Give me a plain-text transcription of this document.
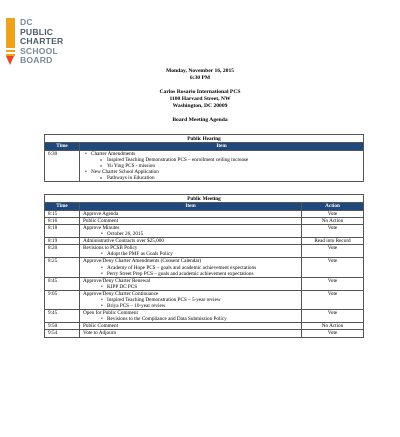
DC
PUBLIC
CHARTER
SCHOOL
BOARD
Monday, November 16, 2015
6:30 PM
Carlos Rosario International PCS
1100 Harvard Street, NW
Washington, DC 20009
Board Meeting Agenda
Public Hearing	
Time	Item
6:30	• Charter Amendments
o Inspired Teaching Demonstration PCS – enrollment ceiling increase
o Yu Ying PCS - mission
• New Charter School Application
o Pathways in Education
Public Meeting		
Time	Item	Action
8:15	Approve Agenda	Vote
8:16	Public Comment	No Action
8:18	Approve Minutes
• October 26, 2015	Vote
8:19	Administrative Contracts over $25,000	Read into Record
8:20	Revisions to PCSB Policy
• Adopt the PMF as Goals Policy	Vote
8:25	Approve/Deny Charter Amendments (Consent Calendar)
• Academy of Hope PCS – goals and academic achievement expectations
• Perry Street Prep PCS – goals and academic achievement expectations	Vote
8:45	Approve/Deny Charter Renewal
• KIPP DC PCS	Vote
9:05	Approve/Deny Charter Continuance
• Inspired Teaching Demonstration PCS – 5-year review
• Briya PCS – 10-year review	Vote
9:45	Open for Public Comment
• Revisions to the Compliance and Data Submission Policy	Vote
9:50	Public Comment	No Action
9:54	Vote to Adjourn	Vote
